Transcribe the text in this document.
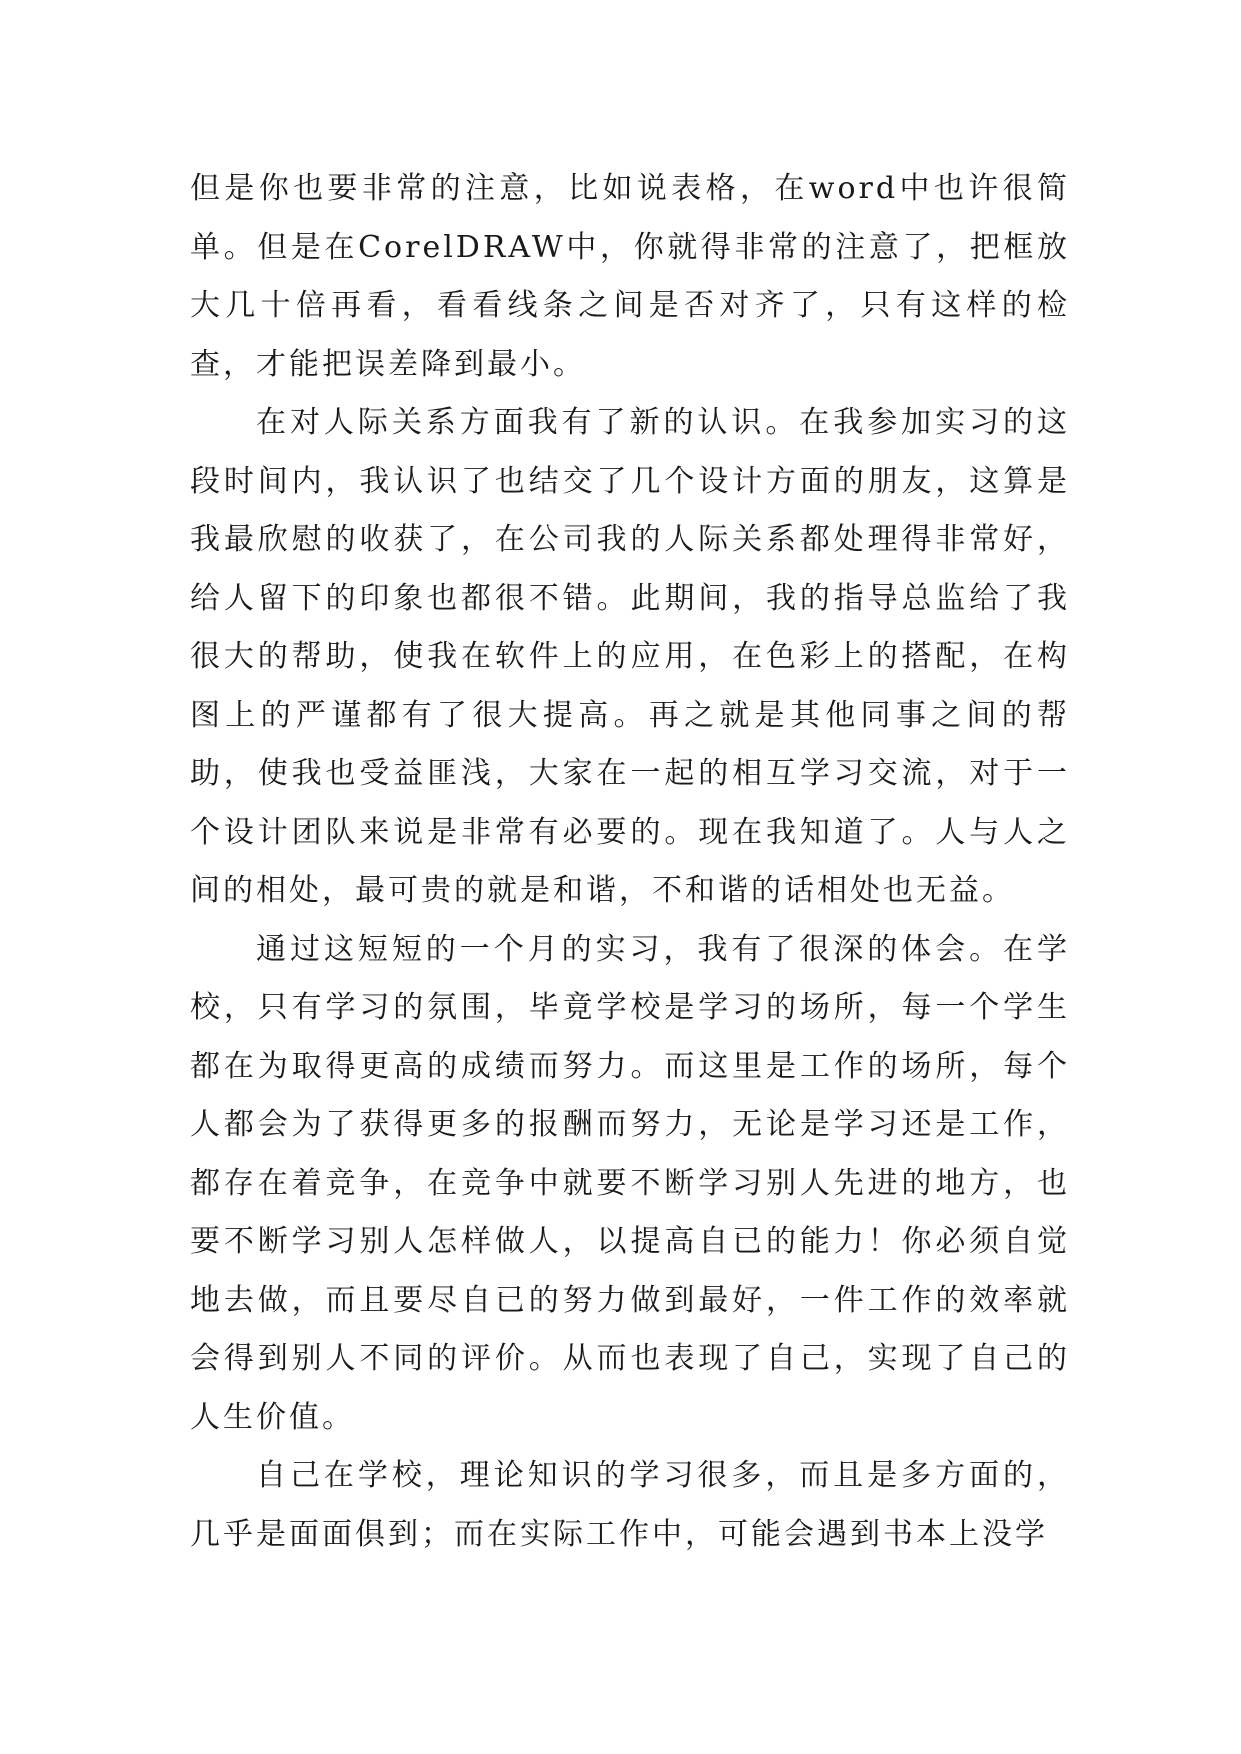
但是你也要非常的注意，比如说表格，在word中也许很简单。但是在CorelDRAW中，你就得非常的注意了，把框放大几十倍再看，看看线条之间是否对齐了，只有这样的检查，才能把误差降到最小。

在对人际关系方面我有了新的认识。在我参加实习的这段时间内，我认识了也结交了几个设计方面的朋友，这算是我最欣慰的收获了，在公司我的人际关系都处理得非常好，给人留下的印象也都很不错。此期间，我的指导总监给了我很大的帮助，使我在软件上的应用，在色彩上的搭配，在构图上的严谨都有了很大提高。再之就是其他同事之间的帮助，使我也受益匪浅，大家在一起的相互学习交流，对于一个设计团队来说是非常有必要的。现在我知道了。人与人之间的相处，最可贵的就是和谐，不和谐的话相处也无益。

通过这短短的一个月的实习，我有了很深的体会。在学校，只有学习的氛围，毕竟学校是学习的场所，每一个学生都在为取得更高的成绩而努力。而这里是工作的场所，每个人都会为了获得更多的报酬而努力，无论是学习还是工作，都存在着竞争，在竞争中就要不断学习别人先进的地方，也要不断学习别人怎样做人，以提高自已的能力！你必须自觉地去做，而且要尽自已的努力做到最好，一件工作的效率就会得到别人不同的评价。从而也表现了自己，实现了自己的人生价值。

自己在学校，理论知识的学习很多，而且是多方面的，几乎是面面俱到；而在实际工作中，可能会遇到书本上没学
